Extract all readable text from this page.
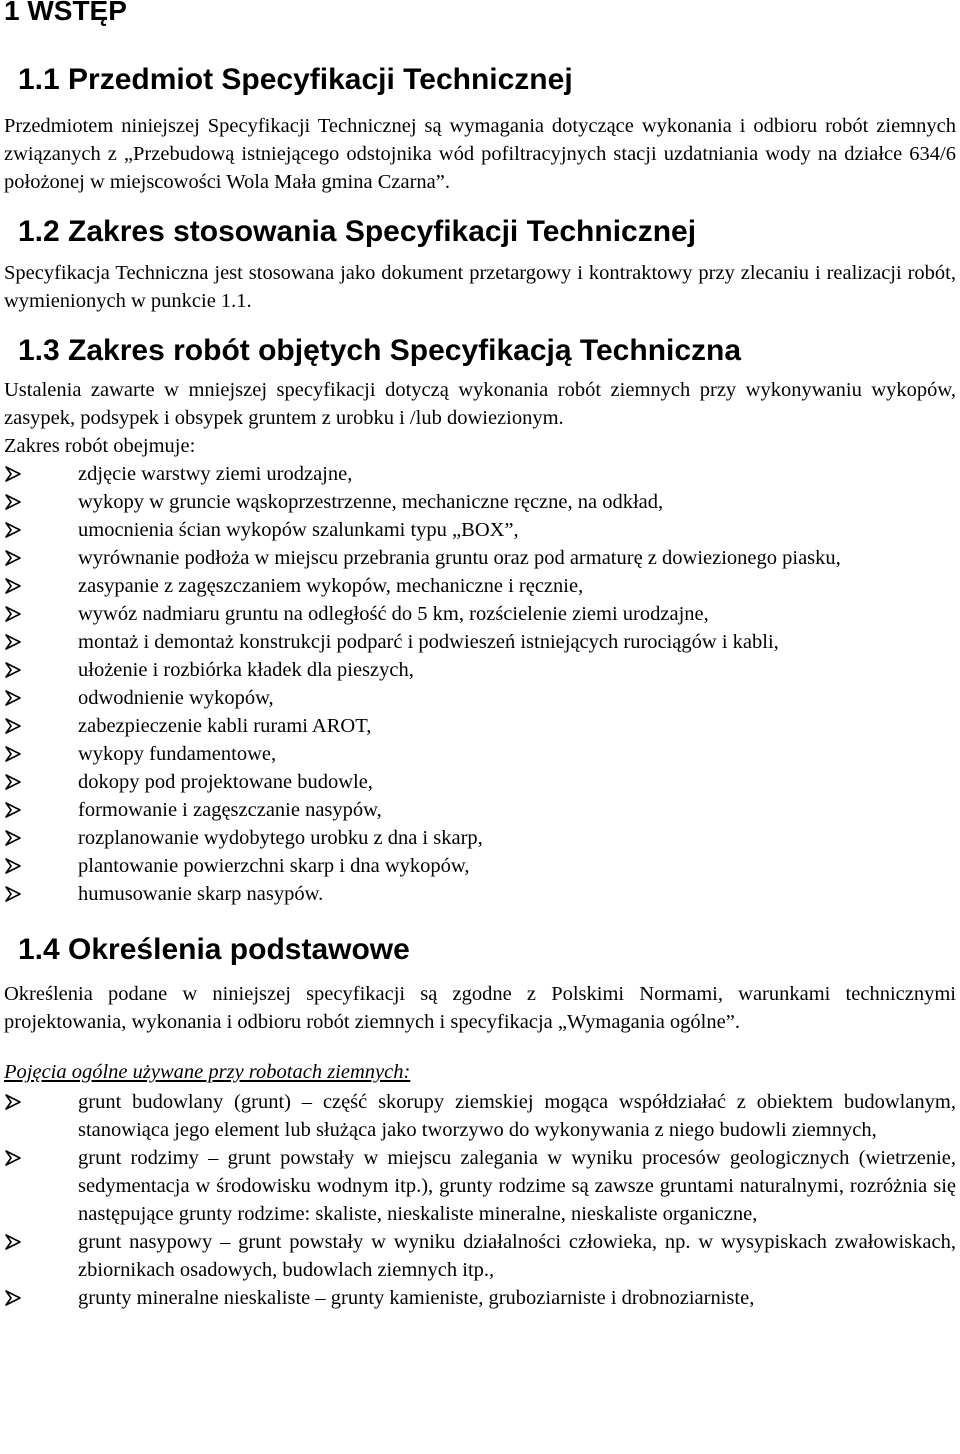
1 WSTĘP
1.1 Przedmiot Specyfikacji Technicznej

Przedmiotem niniejszej Specyfikacji Technicznej są wymagania dotyczące wykonania i odbioru robót ziemnych związanych z „Przebudową istniejącego odstojnika wód pofiltracyjnych stacji uzdatniania wody na działce 634/6 położonej w miejscowości Wola Mała gmina Czarna”.

1.2 Zakres stosowania Specyfikacji Technicznej

Specyfikacja Techniczna jest stosowana jako dokument przetargowy i kontraktowy przy zlecaniu i realizacji robót, wymienionych w punkcie 1.1.

1.3 Zakres robót objętych Specyfikacją Techniczna

Ustalenia zawarte w mniejszej specyfikacji dotyczą wykonania robót ziemnych przy wykonywaniu wykopów, zasypek, podsypek i obsypek gruntem z urobku i /lub dowiezionym.

Zakres robót obejmuje:

zdjęcie warstwy ziemi urodzajne,
wykopy w gruncie wąskoprzestrzenne, mechaniczne ręczne, na odkład,
umocnienia ścian wykopów szalunkami typu „BOX”,
wyrównanie podłoża w miejscu przebrania gruntu oraz pod armaturę z dowiezionego piasku,
zasypanie z zagęszczaniem wykopów, mechaniczne i ręcznie,
wywóz nadmiaru gruntu na odległość do 5 km, rozścielenie ziemi urodzajne,
montaż i demontaż konstrukcji podparć i podwieszeń istniejących rurociągów i kabli,
ułożenie i rozbiórka kładek dla pieszych,
odwodnienie wykopów,
zabezpieczenie kabli rurami AROT,
wykopy fundamentowe,
dokopy pod projektowane budowle,
formowanie i zagęszczanie nasypów,
rozplanowanie wydobytego urobku z dna i skarp,
plantowanie powierzchni skarp i dna wykopów,
humusowanie skarp nasypów.
1.4 Określenia podstawowe

Określenia podane w niniejszej specyfikacji są zgodne z Polskimi Normami, warunkami technicznymi projektowania, wykonania i odbioru robót ziemnych i specyfikacja „Wymagania ogólne”.

Pojęcia ogólne używane przy robotach ziemnych:

grunt budowlany (grunt) – część skorupy ziemskiej mogąca współdziałać z obiektem budowlanym, stanowiąca jego element lub służąca jako tworzywo do wykonywania z niego budowli ziemnych,
grunt rodzimy – grunt powstały w miejscu zalegania w wyniku procesów geologicznych (wietrzenie, sedymentacja w środowisku wodnym itp.), grunty rodzime są zawsze gruntami naturalnymi, rozróżnia się następujące grunty rodzime: skaliste, nieskaliste mineralne, nieskaliste organiczne,
grunt nasypowy – grunt powstały w wyniku działalności człowieka, np. w wysypiskach zwałowiskach, zbiornikach osadowych, budowlach ziemnych itp.,
grunty mineralne nieskaliste – grunty kamieniste, gruboziarniste i drobnoziarniste,
